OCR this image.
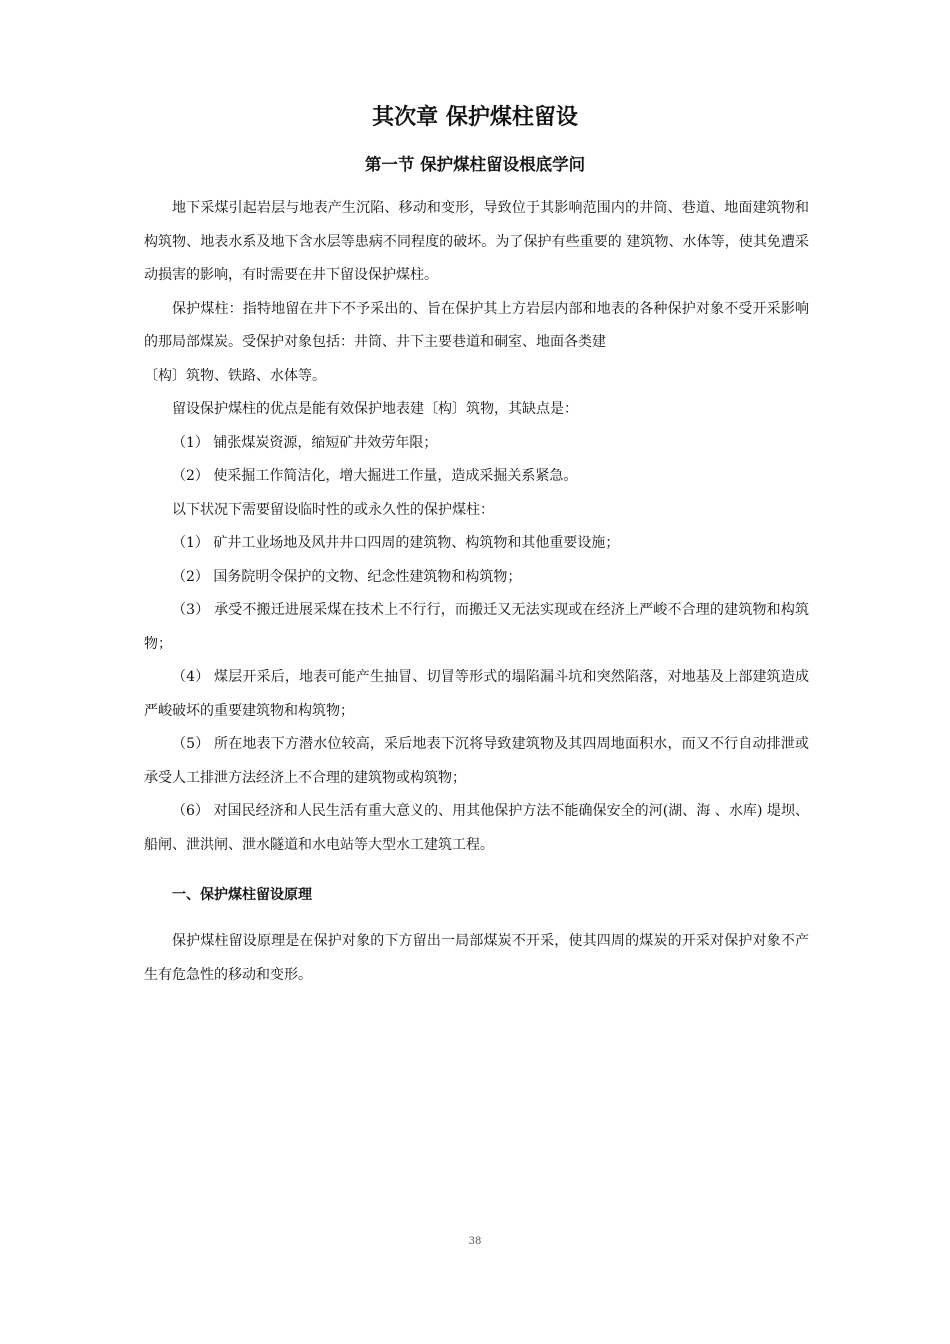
其次章 保护煤柱留设
第一节 保护煤柱留设根底学问

地下采煤引起岩层与地表产生沉陷、移动和变形，导致位于其影响范围内的井筒、巷道、地面建筑物和构筑物、地表水系及地下含水层等患病不同程度的破坏。为了保护有些重要的 建筑物、水体等，使其免遭采动损害的影响，有时需要在井下留设保护煤柱。

保护煤柱：指特地留在井下不予采出的、旨在保护其上方岩层内部和地表的各种保护对象不受开采影响的那局部煤炭。受保护对象包括：井筒、井下主要巷道和硐室、地面各类建

〔构〕筑物、铁路、水体等。

留设保护煤柱的优点是能有效保护地表建〔构〕筑物，其缺点是：

（1） 铺张煤炭资源，缩短矿井效劳年限；

（2） 使采掘工作简洁化，增大掘进工作量，造成采掘关系紧急。

以下状况下需要留设临时性的或永久性的保护煤柱：

（1） 矿井工业场地及风井井口四周的建筑物、构筑物和其他重要设施；

（2） 国务院明令保护的文物、纪念性建筑物和构筑物；

（3） 承受不搬迁进展采煤在技术上不行行，而搬迁又无法实现或在经济上严峻不合理的建筑物和构筑物；

（4） 煤层开采后，地表可能产生抽冒、切冒等形式的塌陷漏斗坑和突然陷落，对地基及上部建筑造成严峻破坏的重要建筑物和构筑物；

（5） 所在地表下方潜水位较高，采后地表下沉将导致建筑物及其四周地面积水，而又不行自动排泄或承受人工排泄方法经济上不合理的建筑物或构筑物；

（6） 对国民经济和人民生活有重大意义的、用其他保护方法不能确保安全的河(湖、海 、水库) 堤坝、船闸、泄洪闸、泄水隧道和水电站等大型水工建筑工程。

一、保护煤柱留设原理

保护煤柱留设原理是在保护对象的下方留出一局部煤炭不开采，使其四周的煤炭的开采对保护对象不产生有危急性的移动和变形。

38
